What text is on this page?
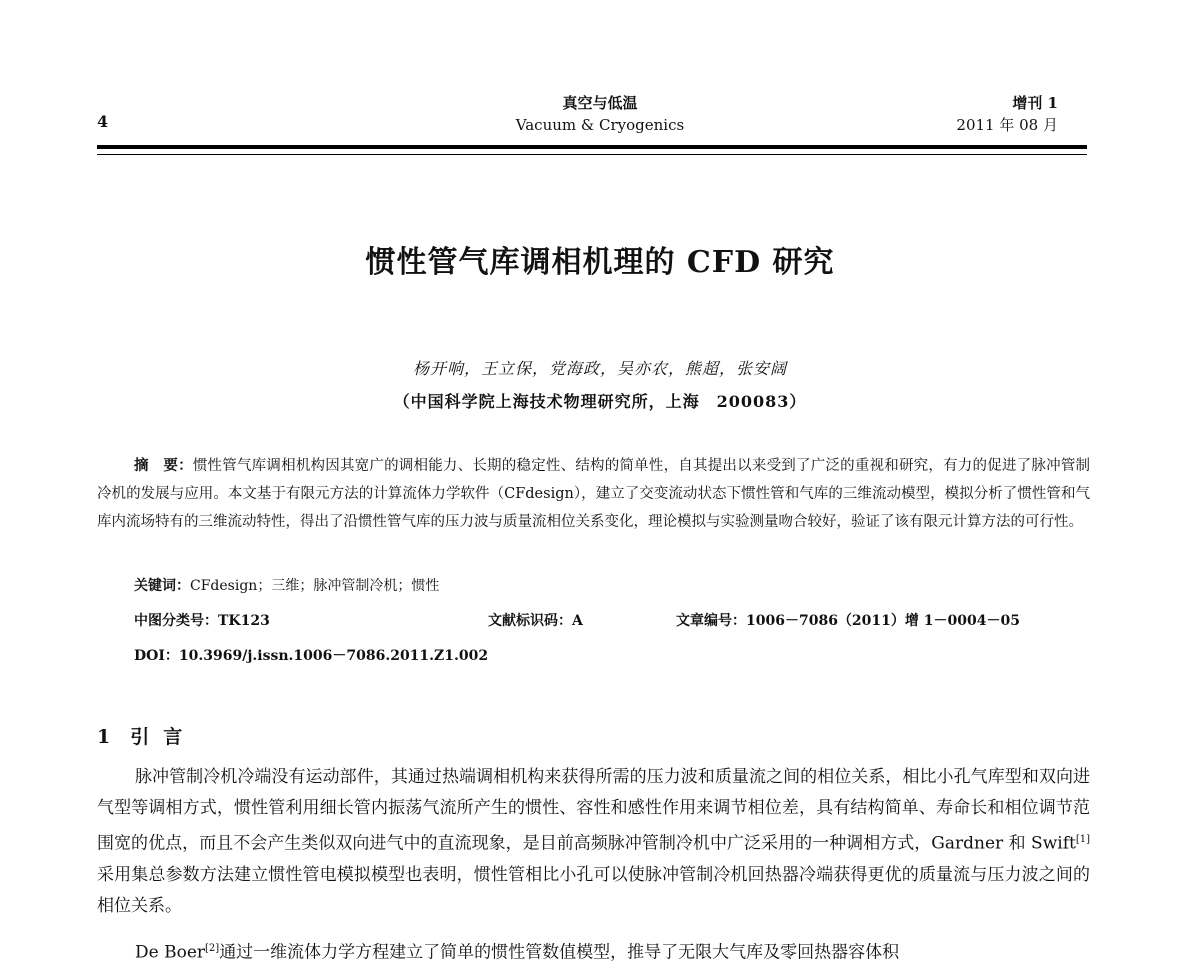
4
真空与低温
Vacuum & Cryogenics
增刊 1
2011 年 08 月
惯性管气库调相机理的 CFD 研究
杨开响，王立保，党海政，吴亦农，熊超，张安阔
（中国科学院上海技术物理研究所，上海　200083）
摘　要：惯性管气库调相机构因其宽广的调相能力、长期的稳定性、结构的简单性，自其提出以来受到了广泛的重视和研究，有力的促进了脉冲管制冷机的发展与应用。本文基于有限元方法的计算流体力学软件（CFdesign），建立了交变流动状态下惯性管和气库的三维流动模型，模拟分析了惯性管和气库内流场特有的三维流动特性，得出了沿惯性管气库的压力波与质量流相位关系变化，理论模拟与实验测量吻合较好，验证了该有限元计算方法的可行性。
关键词：CFdesign；三维；脉冲管制冷机；惯性
中图分类号：TK123	文献标识码：A	文章编号：1006－7086（2011）增 1－0004－05
DOI：10.3969/j.issn.1006－7086.2011.Z1.002
1 引言
脉冲管制冷机冷端没有运动部件，其通过热端调相机构来获得所需的压力波和质量流之间的相位关系，相比小孔气库型和双向进气型等调相方式，惯性管利用细长管内振荡气流所产生的惯性、容性和感性作用来调节相位差，具有结构简单、寿命长和相位调节范围宽的优点，而且不会产生类似双向进气中的直流现象，是目前高频脉冲管制冷机中广泛采用的一种调相方式，Gardner 和 Swift[1]采用集总参数方法建立惯性管电模拟模型也表明，惯性管相比小孔可以使脉冲管制冷机回热器冷端获得更优的质量流与压力波之间的相位关系。
De Boer[2]通过一维流体力学方程建立了简单的惯性管数值模型，推导了无限大气库及零回热器容体积
